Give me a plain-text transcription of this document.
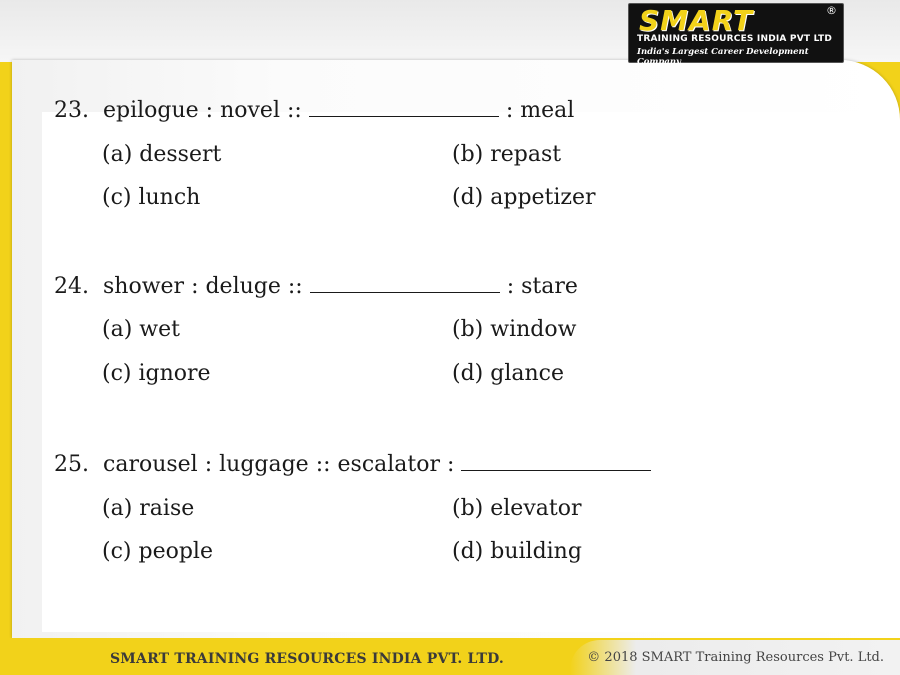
SMART	®
TRAINING RESOURCES INDIA PVT LTD
India's Largest Career Development Company
23. epilogue : novel ::	: meal
(a) dessert	(b) repast
(c) lunch	(d) appetizer
24. shower : deluge ::	: stare
(a) wet	(b) window
(c) ignore	(d) glance
25. carousel : luggage :: escalator :
(a) raise	(b) elevator
(c) people	(d) building
SMART TRAINING RESOURCES INDIA PVT. LTD.	© 2018 SMART Training Resources Pvt. Ltd.
